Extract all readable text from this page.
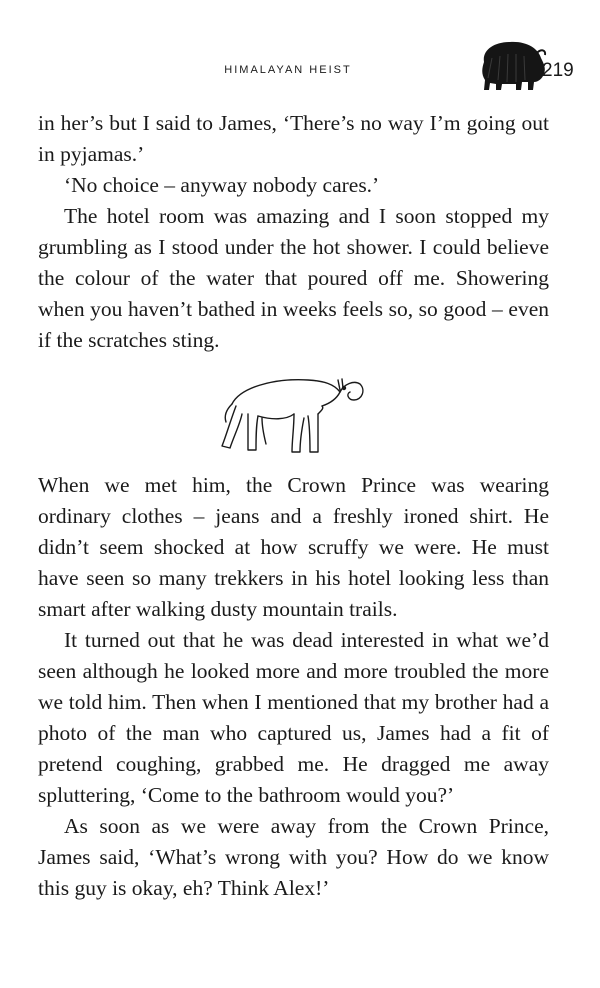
HIMALAYAN HEIST	219

in her’s but I said to James, ‘There’s no way I’m going out in pyjamas.’

‘No choice – anyway nobody cares.’

The hotel room was amazing and I soon stopped my grumbling as I stood under the hot shower. I could believe the colour of the water that poured off me. Showering when you haven’t bathed in weeks feels so, so good – even if the scratches sting.

When we met him, the Crown Prince was wearing ordinary clothes – jeans and a freshly ironed shirt. He didn’t seem shocked at how scruffy we were. He must have seen so many trekkers in his hotel looking less than smart after walking dusty mountain trails.

It turned out that he was dead interested in what we’d seen although he looked more and more troubled the more we told him. Then when I mentioned that my brother had a photo of the man who captured us, James had a fit of pretend coughing, grabbed me. He dragged me away spluttering, ‘Come to the bathroom would you?’

As soon as we were away from the Crown Prince, James said, ‘What’s wrong with you? How do we know this guy is okay, eh? Think Alex!’
